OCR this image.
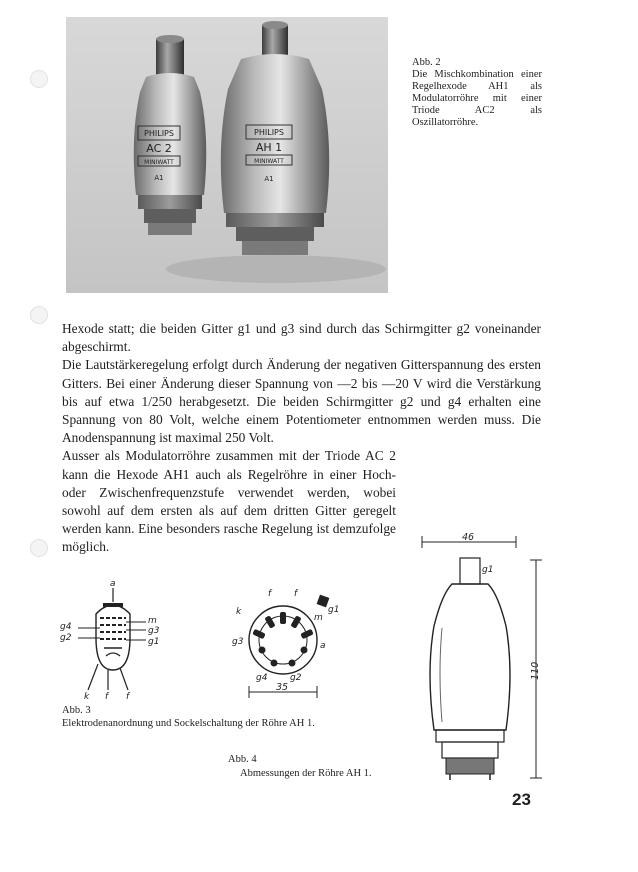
PHILIPS
AC 2
MINIWATT
A1
PHILIPS
AH 1
MINIWATT
A1

Abb. 2

Die Mischkombination einer Regelhexode AH1 als Modulatorröhre mit einer Triode AC2 als Oszillatorröhre.

Hexode statt; die beiden Gitter g1 und g3 sind durch das Schirmgitter g2 voneinander abgeschirmt.

Die Lautstärkeregelung erfolgt durch Änderung der negativen Gitterspannung des ersten Gitters. Bei einer Änderung dieser Spannung von —2 bis —20 V wird die Verstärkung bis auf etwa 1/250 herabgesetzt. Die beiden Schirmgitter g2 und g4 erhalten eine Spannung von 80 Volt, welche einem Potentiometer entnommen werden muss. Die Anodenspannung ist maximal 250 Volt.

Ausser als Modulatorröhre zusammen mit der Triode AC 2 kann die Hexode AH1 auch als Regelröhre in einer Hoch- oder Zwischenfrequenzstufe verwendet werden, wobei sowohl auf dem ersten als auf dem dritten Gitter geregelt werden kann. Eine besonders rasche Regelung ist demzufolge möglich.

a
m
g4	g3
g2	g1
k f f
f	f
g1
m
k
g3	a
g4	g2
35
46
110
g1
Abb. 3
Elektrodenanordnung und Sockelschaltung der Röhre AH 1.
Abb. 4

Abmessungen der Röhre AH 1.
23
